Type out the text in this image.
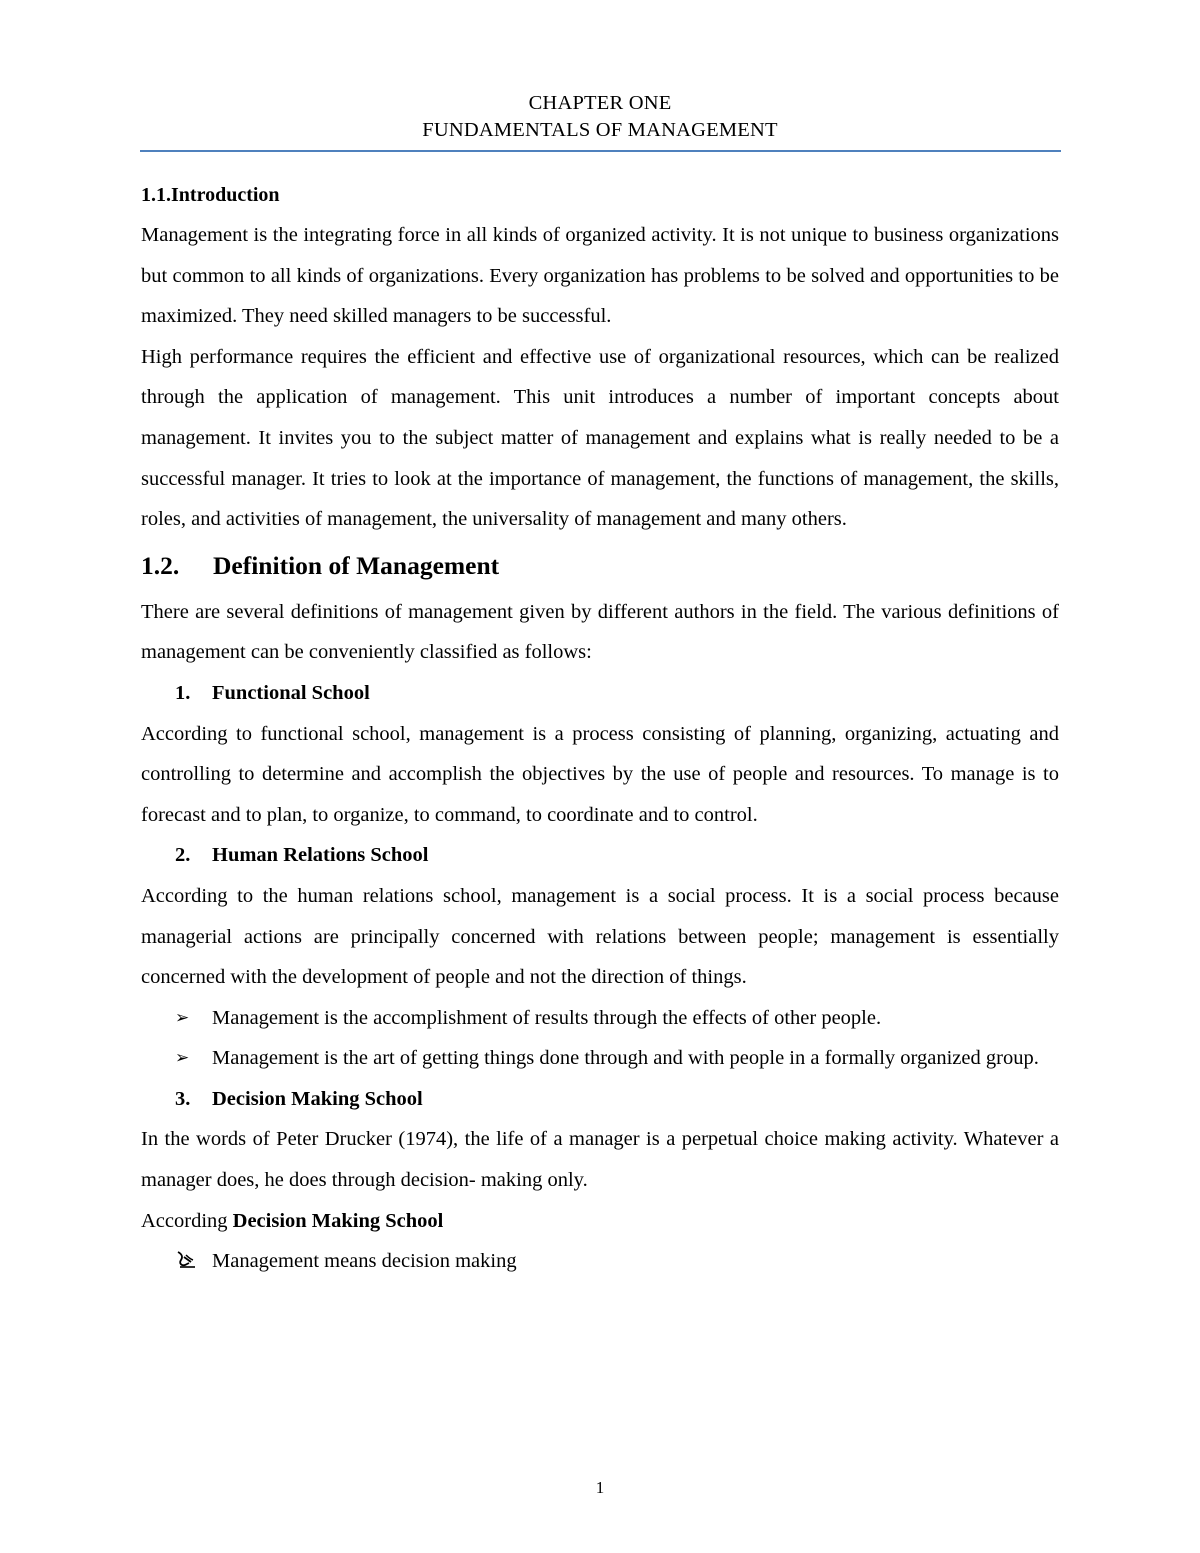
CHAPTER ONE
FUNDAMENTALS OF MANAGEMENT

1.1.Introduction

Management is the integrating force in all kinds of organized activity. It is not unique to business organizations but common to all kinds of organizations. Every organization has problems to be solved and opportunities to be maximized. They need skilled managers to be successful.

High performance requires the efficient and effective use of organizational resources, which can be realized through the application of management. This unit introduces a number of important concepts about management. It invites you to the subject matter of management and explains what is really needed to be a successful manager. It tries to look at the importance of management, the functions of management, the skills, roles, and activities of management, the universality of management and many others.

1.2.	Definition of Management

There are several definitions of management given by different authors in the field. The various definitions of management can be conveniently classified as follows:

1.	Functional School

According to functional school, management is a process consisting of planning, organizing, actuating and controlling to determine and accomplish the objectives by the use of people and resources. To manage is to forecast and to plan, to organize, to command, to coordinate and to control.

2.	Human Relations School

According to the human relations school, management is a social process. It is a social process because managerial actions are principally concerned with relations between people; management is essentially concerned with the development of people and not the direction of things.

➢	Management is the accomplishment of results through the effects of other people.
➢	Management is the art of getting things done through and with people in a formally organized group.
3.	Decision Making School

In the words of Peter Drucker (1974), the life of a manager is a perpetual choice making activity. Whatever a manager does, he does through decision- making only.

According Decision Making School

Management means decision making
1
